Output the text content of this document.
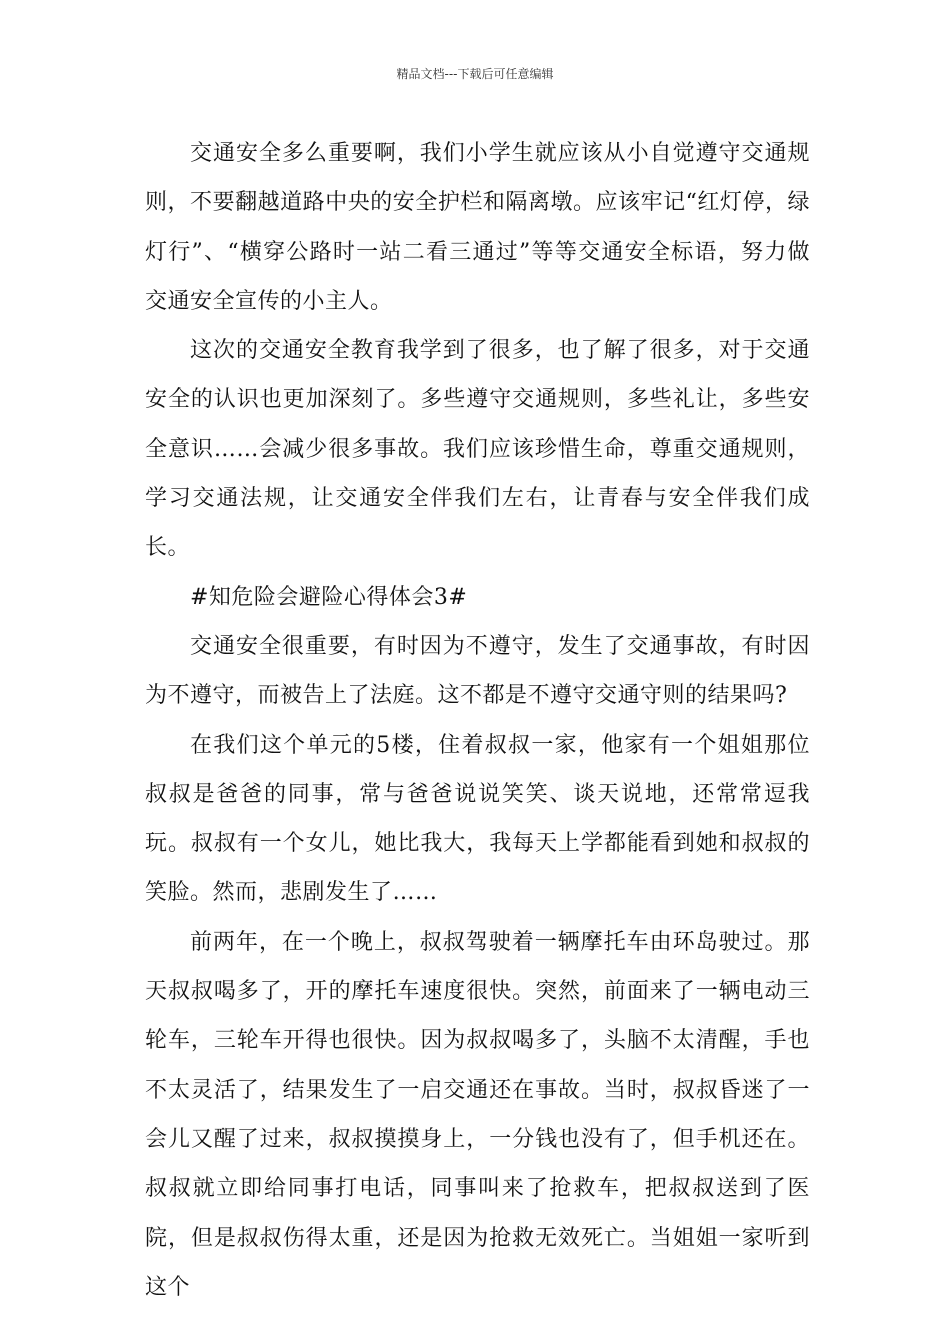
精品文档---下载后可任意编辑

交通安全多么重要啊，我们小学生就应该从小自觉遵守交通规则，不要翻越道路中央的安全护栏和隔离墩。应该牢记“红灯停，绿灯行”、“横穿公路时一站二看三通过”等等交通安全标语，努力做交通安全宣传的小主人。

这次的交通安全教育我学到了很多，也了解了很多，对于交通安全的认识也更加深刻了。多些遵守交通规则，多些礼让，多些安全意识……会减少很多事故。我们应该珍惜生命，尊重交通规则，学习交通法规，让交通安全伴我们左右，让青春与安全伴我们成长。

#知危险会避险心得体会3#

交通安全很重要，有时因为不遵守，发生了交通事故，有时因为不遵守，而被告上了法庭。这不都是不遵守交通守则的结果吗?

在我们这个单元的5楼，住着叔叔一家，他家有一个姐姐那位叔叔是爸爸的同事，常与爸爸说说笑笑、谈天说地，还常常逗我玩。叔叔有一个女儿，她比我大，我每天上学都能看到她和叔叔的笑脸。然而，悲剧发生了……

前两年，在一个晚上，叔叔驾驶着一辆摩托车由环岛驶过。那天叔叔喝多了，开的摩托车速度很快。突然，前面来了一辆电动三轮车，三轮车开得也很快。因为叔叔喝多了，头脑不太清醒，手也不太灵活了，结果发生了一启交通还在事故。当时，叔叔昏迷了一会儿又醒了过来，叔叔摸摸身上，一分钱也没有了，但手机还在。叔叔就立即给同事打电话，同事叫来了抢救车，把叔叔送到了医院，但是叔叔伤得太重，还是因为抢救无效死亡。当姐姐一家听到这个
